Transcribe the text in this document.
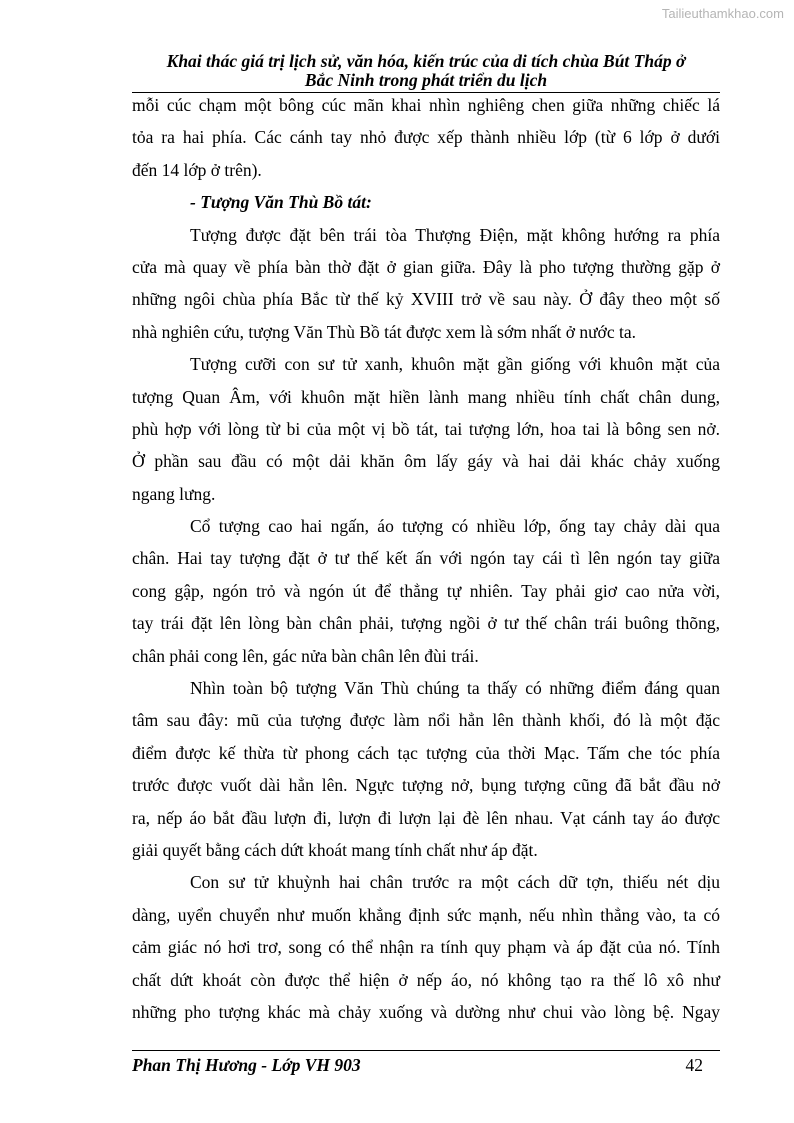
Tailieuthamkhao.com
Khai thác giá trị lịch sử, văn hóa, kiến trúc của di tích chùa Bút Tháp ở
Bắc Ninh trong phát triển du lịch
mỗi cúc chạm một bông cúc mãn khai nhìn nghiêng chen giữa những chiếc lá
tỏa ra hai phía. Các cánh tay nhỏ được xếp thành nhiều lớp (từ 6 lớp ở dưới
đến 14 lớp ở trên).
- Tượng Văn Thù Bồ tát:
Tượng được đặt bên trái tòa Thượng Điện, mặt không hướng ra phía
cửa mà quay về phía bàn thờ đặt ở gian giữa. Đây là pho tượng thường gặp ở
những ngôi chùa phía Bắc từ thế kỷ XVIII trở về sau này. Ở đây theo một số
nhà nghiên cứu, tượng Văn Thù Bồ tát được xem là sớm nhất ở nước ta.
Tượng cưỡi con sư tử xanh, khuôn mặt gần giống với khuôn mặt của
tượng Quan Âm, với khuôn mặt hiền lành mang nhiều tính chất chân dung,
phù hợp với lòng từ bi của một vị bồ tát, tai tượng lớn, hoa tai là bông sen nở.
Ở phần sau đầu có một dải khăn ôm lấy gáy và hai dải khác chảy xuống
ngang lưng.
Cổ tượng cao hai ngấn, áo tượng có nhiều lớp, ống tay chảy dài qua
chân. Hai tay tượng đặt ở tư thế kết ấn với ngón tay cái tì lên ngón tay giữa
cong gập, ngón trỏ và ngón út để thẳng tự nhiên. Tay phải giơ cao nửa vời,
tay trái đặt lên lòng bàn chân phải, tượng ngồi ở tư thế chân trái buông thõng,
chân phải cong lên, gác nửa bàn chân lên đùi trái.
Nhìn toàn bộ tượng Văn Thù chúng ta thấy có những điểm đáng quan
tâm sau đây: mũ của tượng được làm nổi hẳn lên thành khối, đó là một đặc
điểm được kế thừa từ phong cách tạc tượng của thời Mạc. Tấm che tóc phía
trước được vuốt dài hẳn lên. Ngực tượng nở, bụng tượng cũng đã bắt đầu nở
ra, nếp áo bắt đầu lượn đi, lượn đi lượn lại đè lên nhau. Vạt cánh tay áo được
giải quyết bằng cách dứt khoát mang tính chất như áp đặt.
Con sư tử khuỳnh hai chân trước ra một cách dữ tợn, thiếu nét dịu
dàng, uyển chuyển như muốn khẳng định sức mạnh, nếu nhìn thẳng vào, ta có
cảm giác nó hơi trơ, song có thể nhận ra tính quy phạm và áp đặt của nó. Tính
chất dứt khoát còn được thể hiện ở nếp áo, nó không tạo ra thế lô xô như
những pho tượng khác mà chảy xuống và dường như chui vào lòng bệ. Ngay
Phan Thị Hương - Lớp VH 903	42
